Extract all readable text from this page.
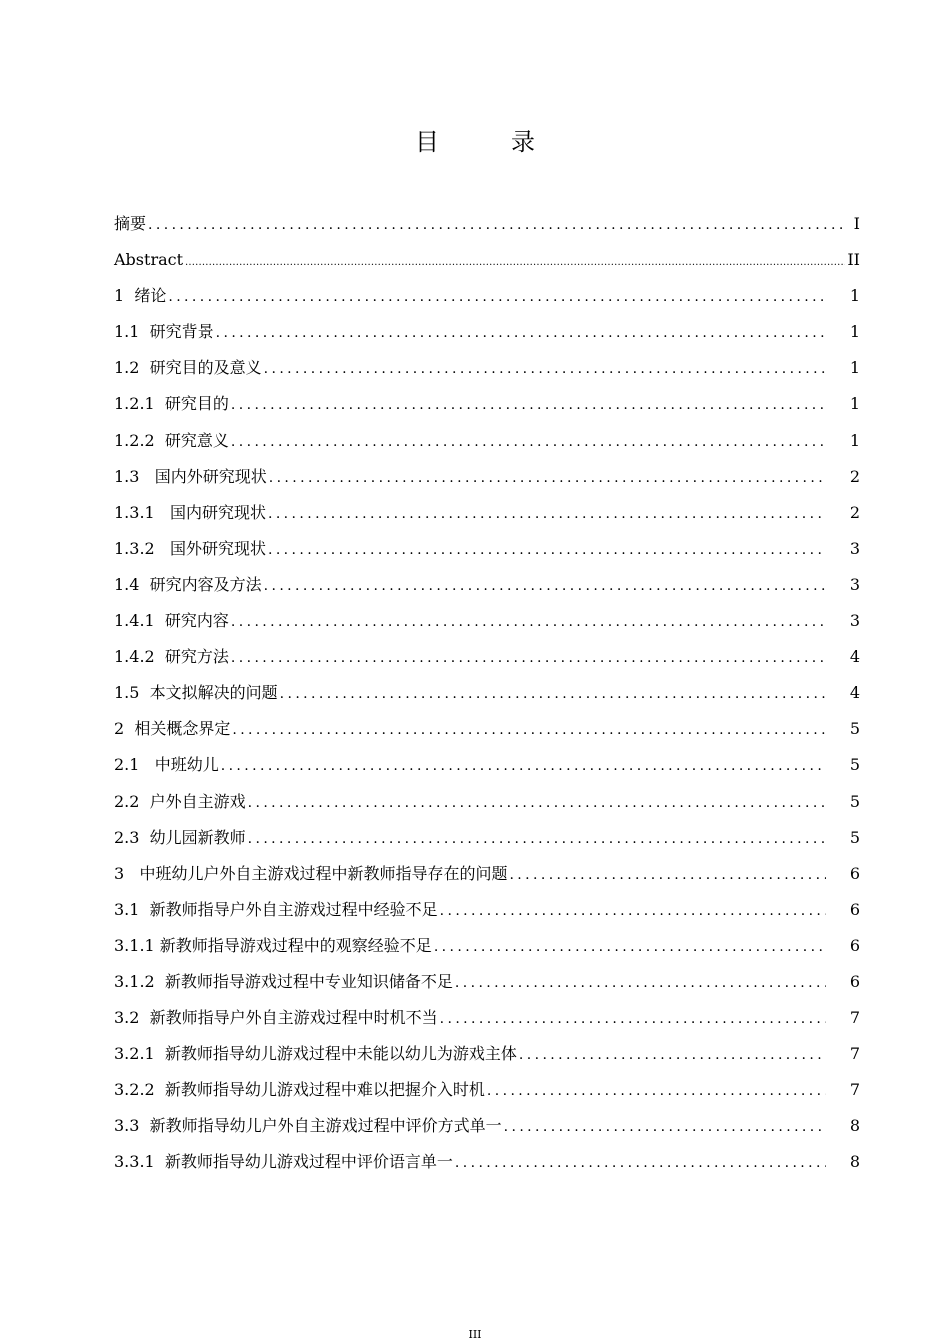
目　录
摘要 .....	I
Abstract .....	II
1  绪论 .....	1
1.1  研究背景 .....	1
1.2  研究目的及意义 .....	1
1.2.1  研究目的 .....	1
1.2.2  研究意义 .....	1
1.3   国内外研究现状 .....	2
1.3.1   国内研究现状 .....	2
1.3.2   国外研究现状 .....	3
1.4  研究内容及方法 .....	3
1.4.1  研究内容 .....	3
1.4.2  研究方法 .....	4
1.5  本文拟解决的问题 .....	4
2  相关概念界定 .....	5
2.1   中班幼儿 .....	5
2.2  户外自主游戏 .....	5
2.3  幼儿园新教师 .....	5
3   中班幼儿户外自主游戏过程中新教师指导存在的问题 .....	6
3.1  新教师指导户外自主游戏过程中经验不足 .....	6
3.1.1 新教师指导游戏过程中的观察经验不足 .....	6
3.1.2  新教师指导游戏过程中专业知识储备不足 .....	6
3.2  新教师指导户外自主游戏过程中时机不当 .....	7
3.2.1  新教师指导幼儿游戏过程中未能以幼儿为游戏主体 .....	7
3.2.2  新教师指导幼儿游戏过程中难以把握介入时机 .....	7
3.3  新教师指导幼儿户外自主游戏过程中评价方式单一 .....	8
3.3.1  新教师指导幼儿游戏过程中评价语言单一 .....	8
III
